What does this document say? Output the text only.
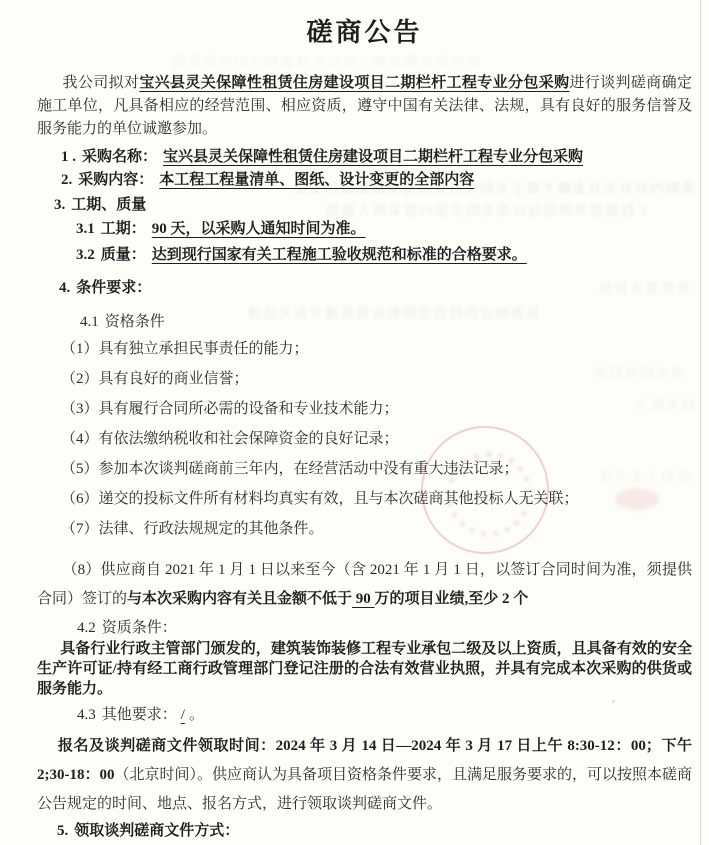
谈判磋商确定施工单位凡具备相应的经营范围
采购内容有关且金额不低于万的项目业绩清单图纸设计变更
工程量清单图纸设计变更的全部内容采购人通知
条件要求资格
具备相应的经营范围相应资质遵守有关法律
商业信誉记录
技术能力
投标人无关联
磋商公告

我公司拟对宝兴县灵关保障性租赁住房建设项目二期栏杆工程专业分包采购进行谈判磋商确定施工单位，凡具备相应的经营范围、相应资质，遵守中国有关法律、法规，具有良好的服务信誉及服务能力的单位诚邀参加。

1 . 采购名称： 宝兴县灵关保障性租赁住房建设项目二期栏杆工程专业分包采购
2. 采购内容： 本工程工程量清单、图纸、设计变更的全部内容
3. 工期、质量
3.1 工期： 90 天，以采购人通知时间为准。
3.2 质量： 达到现行国家有关工程施工验收规范和标准的合格要求。
4. 条件要求：
4.1 资格条件
（1）具有独立承担民事责任的能力；
（2）具有良好的商业信誉；
（3）具有履行合同所必需的设备和专业技术能力；
（4）有依法缴纳税收和社会保障资金的良好记录；
（5）参加本次谈判磋商前三年内，在经营活动中没有重大违法记录；
（6）递交的投标文件所有材料均真实有效，且与本次磋商其他投标人无关联；
（7）法律、行政法规规定的其他条件。
（8）供应商自 2021 年 1 月 1 日以来至今（含 2021 年 1 月 1 日，以签订合同时间为准，须提供合同）签订的与本次采购内容有关且金额不低于 90 万的项目业绩,至少 2 个
4.2 资质条件：

具备行业行政主管部门颁发的，建筑装饰装修工程专业承包二级及以上资质，且具备有效的安全生产许可证/持有经工商行政管理部门登记注册的合法有效营业执照，并具有完成本次采购的供货或服务能力。

4.3 其他要求： / 。

报名及谈判磋商文件领取时间：2024 年 3 月 14 日—2024 年 3 月 17 日上午 8:30-12：00；下午 2;30-18：00（北京时间）。供应商认为具备项目资格条件要求，且满足服务要求的，可以按照本磋商公告规定的时间、地点、报名方式，进行领取谈判磋商文件。

5. 领取谈判磋商文件方式：
